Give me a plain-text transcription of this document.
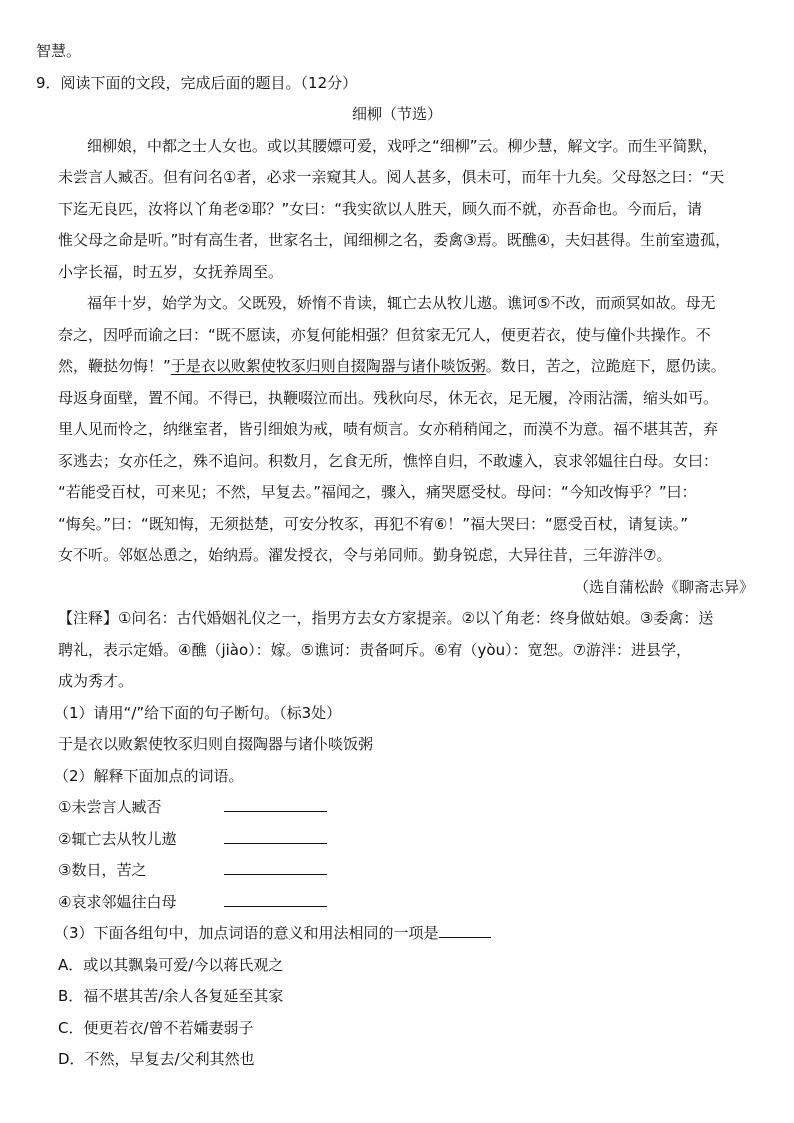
智慧。
9．阅读下面的文段，完成后面的题目。（12分）
细柳（节选）
细柳娘，中都之士人女也。或以其腰嫖可爱，戏呼之“细柳”云。柳少慧，解文字。而生平简默，
未尝言人臧否。但有问名①者，必求一亲窥其人。阅人甚多，俱未可，而年十九矣。父母怒之曰：“天
下迄无良匹，汝将以丫角老②耶？”女曰：“我实欲以人胜天，顾久而不就，亦吾命也。今而后，请
惟父母之命是听。”时有高生者，世家名士，闻细柳之名，委禽③焉。既醮④，夫妇甚得。生前室遗孤，
小字长福，时五岁，女抚养周至。
福年十岁，始学为文。父既殁，娇惰不肯读，辄亡去从牧儿遨。谯诃⑤不改，而顽冥如故。母无
奈之，因呼而谕之曰：“既不愿读，亦复何能相强？但贫家无冗人，便更若衣，使与僮仆共操作。不
然，鞭挞勿悔！”于是衣以败絮使牧豕归则自掇陶器与诸仆啖饭粥。数日，苦之，泣跪庭下，愿仍读。
母返身面壁，置不闻。不得已，执鞭啜泣而出。残秋向尽，休无衣，足无履，冷雨沾濡，缩头如丐。
里人见而怜之，纳继室者，皆引细娘为戒，啧有烦言。女亦稍稍闻之，而漠不为意。福不堪其苦，弃
豕逃去；女亦任之，殊不追问。积数月，乞食无所，憔悴自归，不敢遽入，哀求邻媪往白母。女曰：
“若能受百杖，可来见；不然，早复去。”福闻之，骤入，痛哭愿受杖。母问：“今知改悔乎？”曰：
“悔矣。”曰：“既知悔，无须挞楚，可安分牧豕，再犯不宥⑥！”福大哭曰：“愿受百杖，请复读。”
女不听。邻妪怂恿之，始纳焉。濯发授衣，令与弟同师。勤身锐虑，大异往昔，三年游泮⑦。
（选自蒲松龄《聊斋志异》
【注释】①问名：古代婚姻礼仪之一，指男方去女方家提亲。②以丫角老：终身做姑娘。③委禽：送
聘礼，表示定婚。④醮（jiào）：嫁。⑤谯诃：责备呵斥。⑥宥（yòu）：宽恕。⑦游泮：进县学，
成为秀才。
（1）请用“/”给下面的句子断句。（标3处）
于是衣以败絮使牧豕归则自掇陶器与诸仆啖饭粥
（2）解释下面加点的词语。
①未尝言人臧否
②辄亡去从牧儿遨
③数日，苦之
④哀求邻媪往白母
（3）下面各组句中，加点词语的意义和用法相同的一项是
A．或以其飘枭可爱/今以蒋氏观之
B．福不堪其苦/余人各复延至其家
C．便更若衣/曾不若孀妻弱子
D．不然，早复去/父利其然也
